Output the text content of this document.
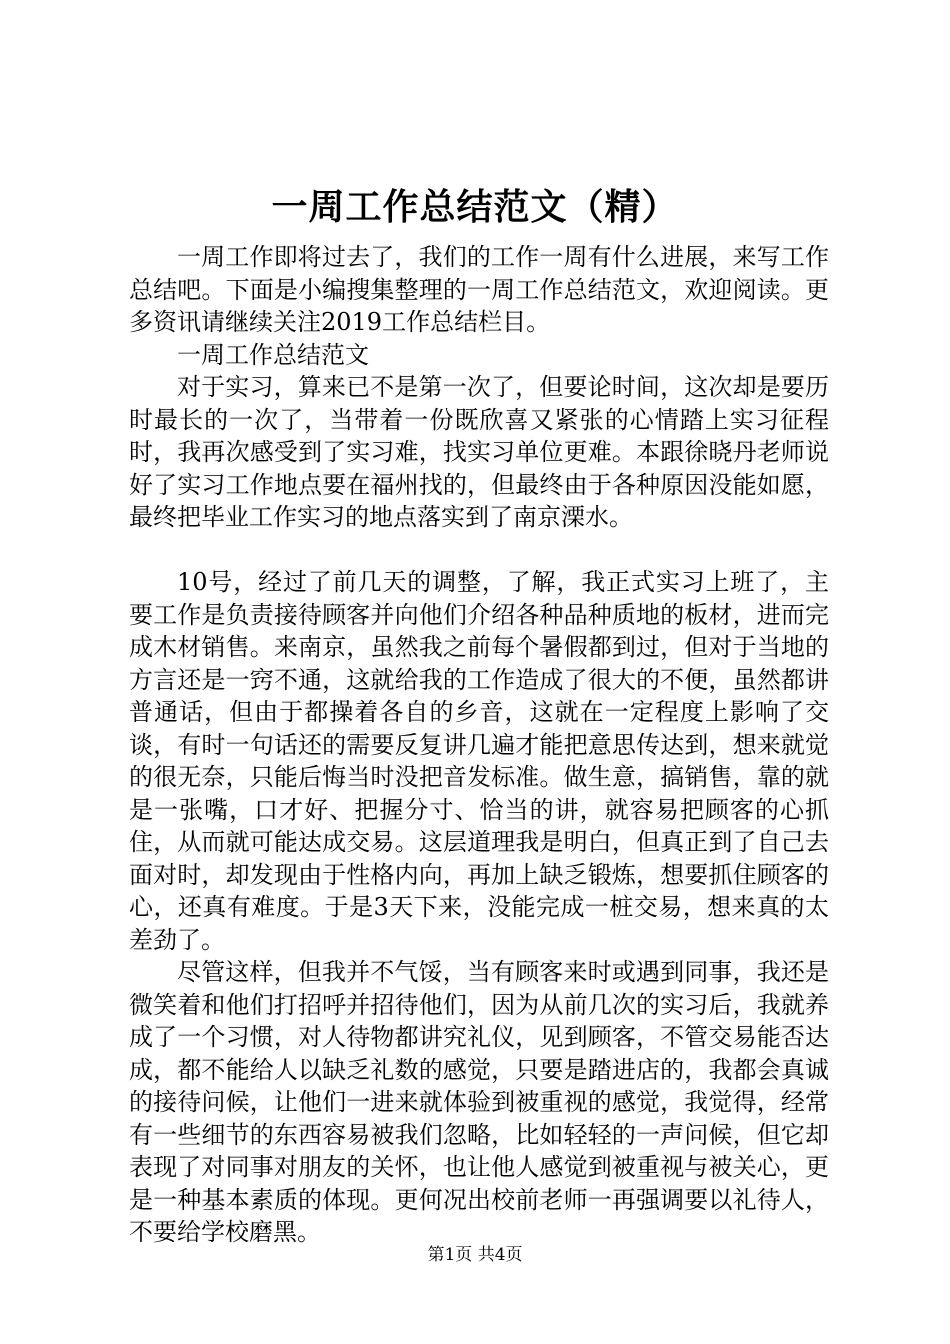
一周工作总结范文（精）

一周工作即将过去了，我们的工作一周有什么进展，来写工作总结吧。下面是小编搜集整理的一周工作总结范文，欢迎阅读。更多资讯请继续关注2019工作总结栏目。

一周工作总结范文

对于实习，算来已不是第一次了，但要论时间，这次却是要历时最长的一次了，当带着一份既欣喜又紧张的心情踏上实习征程时，我再次感受到了实习难，找实习单位更难。本跟徐晓丹老师说好了实习工作地点要在福州找的，但最终由于各种原因没能如愿，最终把毕业工作实习的地点落实到了南京溧水。

10号，经过了前几天的调整，了解，我正式实习上班了，主要工作是负责接待顾客并向他们介绍各种品种质地的板材，进而完成木材销售。来南京，虽然我之前每个暑假都到过，但对于当地的方言还是一窍不通，这就给我的工作造成了很大的不便，虽然都讲普通话，但由于都操着各自的乡音，这就在一定程度上影响了交谈，有时一句话还的需要反复讲几遍才能把意思传达到，想来就觉的很无奈，只能后悔当时没把音发标准。做生意，搞销售，靠的就是一张嘴，口才好、把握分寸、恰当的讲，就容易把顾客的心抓住，从而就可能达成交易。这层道理我是明白，但真正到了自己去面对时，却发现由于性格内向，再加上缺乏锻炼，想要抓住顾客的心，还真有难度。于是3天下来，没能完成一桩交易，想来真的太差劲了。

尽管这样，但我并不气馁，当有顾客来时或遇到同事，我还是微笑着和他们打招呼并招待他们，因为从前几次的实习后，我就养成了一个习惯，对人待物都讲究礼仪，见到顾客，不管交易能否达成，都不能给人以缺乏礼数的感觉，只要是踏进店的，我都会真诚的接待问候，让他们一进来就体验到被重视的感觉，我觉得，经常有一些细节的东西容易被我们忽略，比如轻轻的一声问候，但它却表现了对同事对朋友的关怀，也让他人感觉到被重视与被关心，更是一种基本素质的体现。更何况出校前老师一再强调要以礼待人，不要给学校磨黑。

第1页 共4页
